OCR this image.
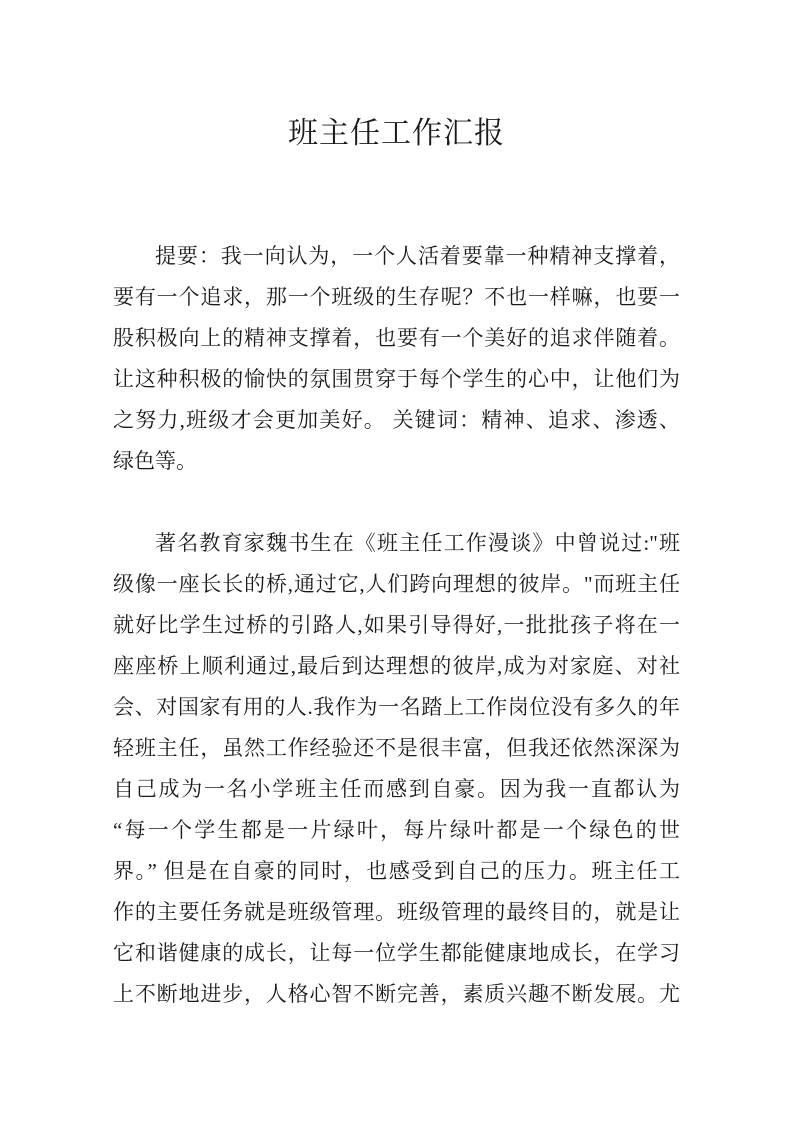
班主任工作汇报
提要：我一向认为，一个人活着要靠一种精神支撑着，
要有一个追求，那一个班级的生存呢？不也一样嘛，也要一
股积极向上的精神支撑着，也要有一个美好的追求伴随着。
让这种积极的愉快的氛围贯穿于每个学生的心中，让他们为
之努力,班级才会更加美好。 关键词：精神、追求、渗透、
绿色等。
著名教育家魏书生在《班主任工作漫谈》中曾说过:"班
级像一座长长的桥,通过它,人们跨向理想的彼岸。"而班主任
就好比学生过桥的引路人,如果引导得好,一批批孩子将在一
座座桥上顺利通过,最后到达理想的彼岸,成为对家庭、对社
会、对国家有用的人.我作为一名踏上工作岗位没有多久的年
轻班主任，虽然工作经验还不是很丰富，但我还依然深深为
自己成为一名小学班主任而感到自豪。因为我一直都认为
“每一个学生都是一片绿叶，每片绿叶都是一个绿色的世
界。” 但是在自豪的同时，也感受到自己的压力。班主任工
作的主要任务就是班级管理。班级管理的最终目的，就是让
它和谐健康的成长，让每一位学生都能健康地成长，在学习
上不断地进步，人格心智不断完善，素质兴趣不断发展。尤
